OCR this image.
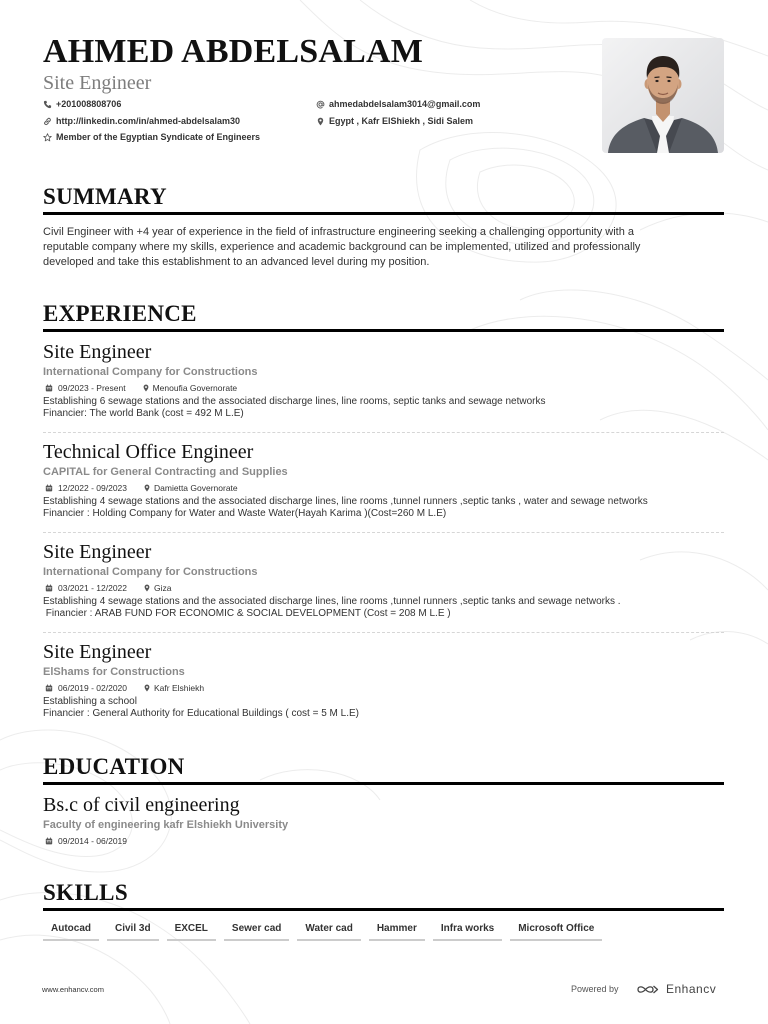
AHMED ABDELSALAM
Site Engineer
+201008808706	ahmedabdelsalam3014@gmail.com
http://linkedin.com/in/ahmed-abdelsalam30	Egypt , Kafr ElShiekh , Sidi Salem
Member of the Egyptian Syndicate of Engineers
SUMMARY
Civil Engineer with +4 year of experience in the field of infrastructure engineering seeking a challenging opportunity with a
reputable company where my skills, experience and academic background can be implemented, utilized and professionally
developed and take this establishment to an advanced level during my position.
EXPERIENCE
Site Engineer
International Company for Constructions
09/2023 - Present	Menoufia Governorate
Establishing 6 sewage stations and the associated discharge lines, line rooms, septic tanks and sewage networks
Financier: The world Bank (cost = 492 M L.E)
Technical Office Engineer
CAPITAL for General Contracting and Supplies
12/2022 - 09/2023	Damietta Governorate
Establishing 4 sewage stations and the associated discharge lines, line rooms ,tunnel runners ,septic tanks , water and sewage networks
Financier : Holding Company for Water and Waste Water(Hayah Karima )(Cost=260 M L.E)
Site Engineer
International Company for Constructions
03/2021 - 12/2022	Giza
Establishing 4 sewage stations and the associated discharge lines, line rooms ,tunnel runners ,septic tanks and sewage networks .
Financier : ARAB FUND FOR ECONOMIC & SOCIAL DEVELOPMENT (Cost = 208 M L.E )
Site Engineer
ElShams for Constructions
06/2019 - 02/2020	Kafr Elshiekh
Establishing a school
Financier : General Authority for Educational Buildings ( cost = 5 M L.E)
EDUCATION
Bs.c of civil engineering
Faculty of engineering kafr Elshiekh University
09/2014 - 06/2019
SKILLS
Autocad	Civil 3d	EXCEL	Sewer cad	Water cad	Hammer	Infra works	Microsoft Office
www.enhancv.com	Powered by	Enhancv
